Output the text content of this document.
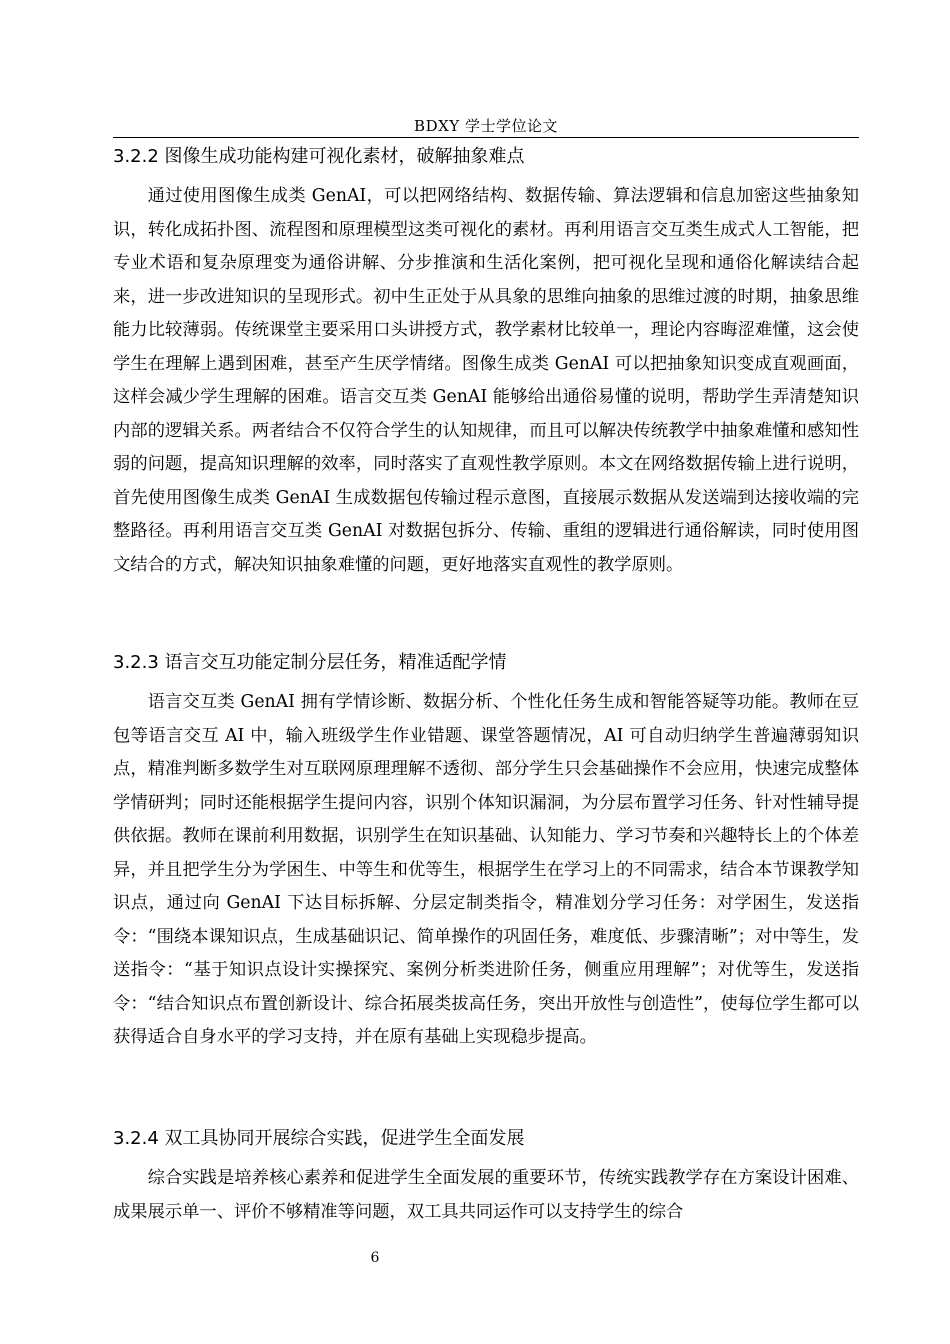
BDXY 学士学位论文
3.2.2 图像生成功能构建可视化素材，破解抽象难点

通过使用图像生成类 GenAI，可以把网络结构、数据传输、算法逻辑和信息加密这些抽象知识，转化成拓扑图、流程图和原理模型这类可视化的素材。再利用语言交互类生成式人工智能，把专业术语和复杂原理变为通俗讲解、分步推演和生活化案例，把可视化呈现和通俗化解读结合起来，进一步改进知识的呈现形式。初中生正处于从具象的思维向抽象的思维过渡的时期，抽象思维能力比较薄弱。传统课堂主要采用口头讲授方式，教学素材比较单一，理论内容晦涩难懂，这会使学生在理解上遇到困难，甚至产生厌学情绪。图像生成类 GenAI 可以把抽象知识变成直观画面，这样会减少学生理解的困难。语言交互类 GenAI 能够给出通俗易懂的说明，帮助学生弄清楚知识内部的逻辑关系。两者结合不仅符合学生的认知规律，而且可以解决传统教学中抽象难懂和感知性弱的问题，提高知识理解的效率，同时落实了直观性教学原则。本文在网络数据传输上进行说明，首先使用图像生成类 GenAI 生成数据包传输过程示意图，直接展示数据从发送端到达接收端的完整路径。再利用语言交互类 GenAI 对数据包拆分、传输、重组的逻辑进行通俗解读，同时使用图文结合的方式，解决知识抽象难懂的问题，更好地落实直观性的教学原则。

3.2.3 语言交互功能定制分层任务，精准适配学情

语言交互类 GenAI 拥有学情诊断、数据分析、个性化任务生成和智能答疑等功能。教师在豆包等语言交互 AI 中，输入班级学生作业错题、课堂答题情况，AI 可自动归纳学生普遍薄弱知识点，精准判断多数学生对互联网原理理解不透彻、部分学生只会基础操作不会应用，快速完成整体学情研判；同时还能根据学生提问内容，识别个体知识漏洞，为分层布置学习任务、针对性辅导提供依据。教师在课前利用数据，识别学生在知识基础、认知能力、学习节奏和兴趣特长上的个体差异，并且把学生分为学困生、中等生和优等生，根据学生在学习上的不同需求，结合本节课教学知识点，通过向 GenAI 下达目标拆解、分层定制类指令，精准划分学习任务：对学困生，发送指令：“围绕本课知识点，生成基础识记、简单操作的巩固任务，难度低、步骤清晰”；对中等生，发送指令：“基于知识点设计实操探究、案例分析类进阶任务，侧重应用理解”；对优等生，发送指令：“结合知识点布置创新设计、综合拓展类拔高任务，突出开放性与创造性”，使每位学生都可以获得适合自身水平的学习支持，并在原有基础上实现稳步提高。

3.2.4 双工具协同开展综合实践，促进学生全面发展

综合实践是培养核心素养和促进学生全面发展的重要环节，传统实践教学存在方案设计困难、成果展示单一、评价不够精准等问题，双工具共同运作可以支持学生的综合

6
